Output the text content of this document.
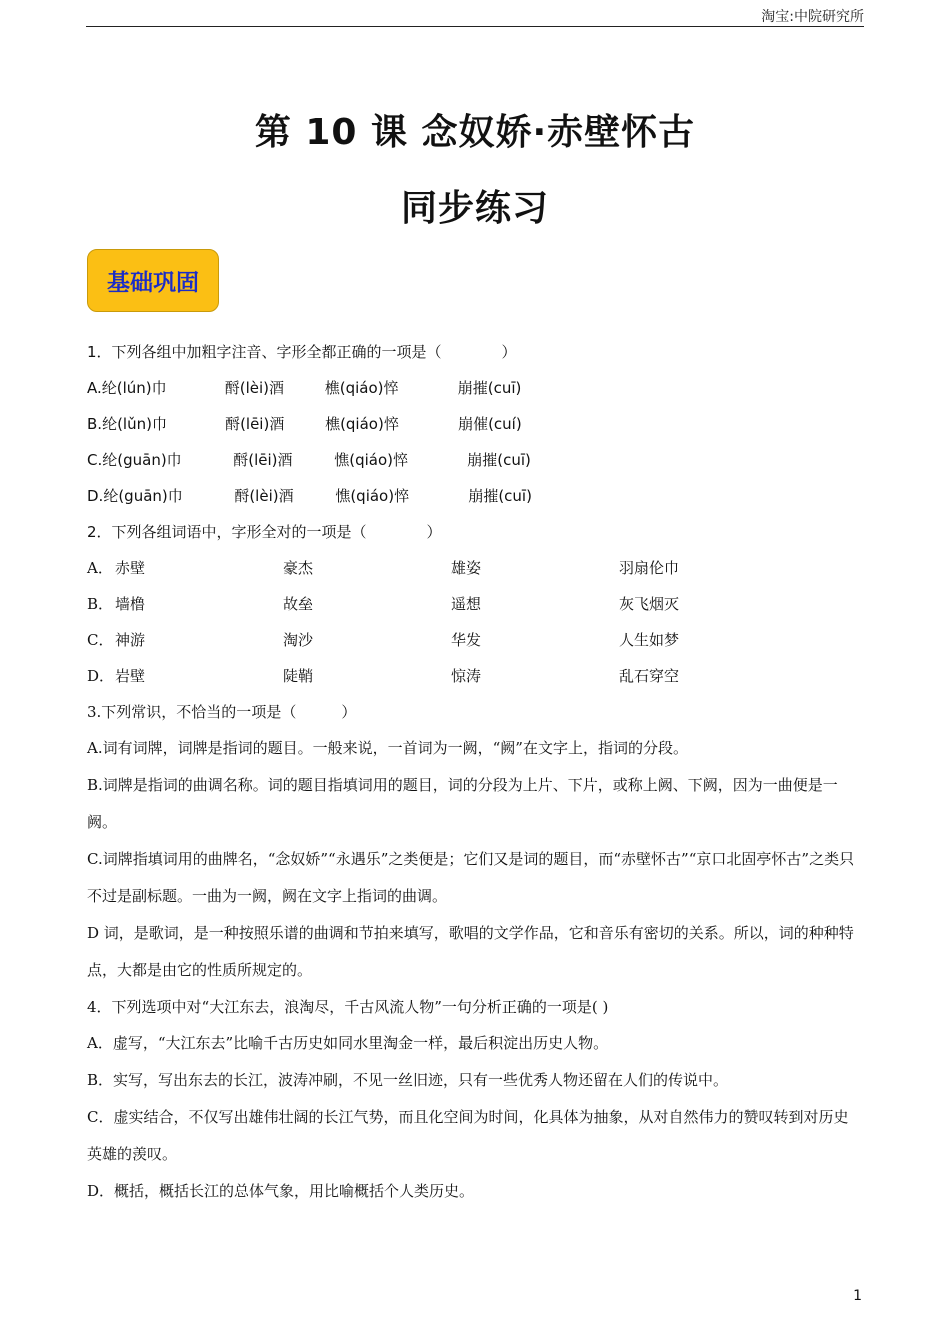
淘宝:中院研究所
第 10 课 念奴娇·赤壁怀古
同步练习
基础巩固
1．下列各组中加粗字注音、字形全都正确的一项是（　　　　）
A.纶(lún)巾	酹(lèi)酒	樵(qiáo)悴	崩摧(cuī)
B.纶(lǔn)巾	酹(lēi)酒	樵(qiáo)悴	崩催(cuí)
C.纶(guān)巾	酹(lēi)酒	憔(qiáo)悴	崩摧(cuī)
D.纶(guān)巾	酹(lèi)酒	憔(qiáo)悴	崩摧(cuī)
2．下列各组词语中，字形全对的一项是（　　　　）
A． 赤壁	豪杰	雄姿	羽扇伦巾
B． 墙橹	故垒	遥想	灰飞烟灭
C． 神游	淘沙	华发	人生如梦
D． 岩壁	陡鞘	惊涛	乱石穿空
3.下列常识，不恰当的一项是（　　　）
A.词有词牌，词牌是指词的题目。一般来说，一首词为一阙，“阙”在文字上，指词的分段。
B.词牌是指词的曲调名称。词的题目指填词用的题目，词的分段为上片、下片，或称上阙、下阙，因为一曲便是一阙。
C.词牌指填词用的曲牌名，“念奴娇”“永遇乐”之类便是；它们又是词的题目，而“赤壁怀古”“京口北固亭怀古”之类只不过是副标题。一曲为一阙，阙在文字上指词的曲调。
D 词，是歌词，是一种按照乐谱的曲调和节拍来填写，歌唱的文学作品，它和音乐有密切的关系。所以，词的种种特点，大都是由它的性质所规定的。
4．下列选项中对“大江东去，浪淘尽，千古风流人物”一句分析正确的一项是( )
A．虚写，“大江东去”比喻千古历史如同水里淘金一样，最后积淀出历史人物。
B．实写，写出东去的长江，波涛冲刷，不见一丝旧迹，只有一些优秀人物还留在人们的传说中。
C．虚实结合，不仅写出雄伟壮阔的长江气势，而且化空间为时间，化具体为抽象，从对自然伟力的赞叹转到对历史英雄的羡叹。
D．概括，概括长江的总体气象，用比喻概括个人类历史。
1
